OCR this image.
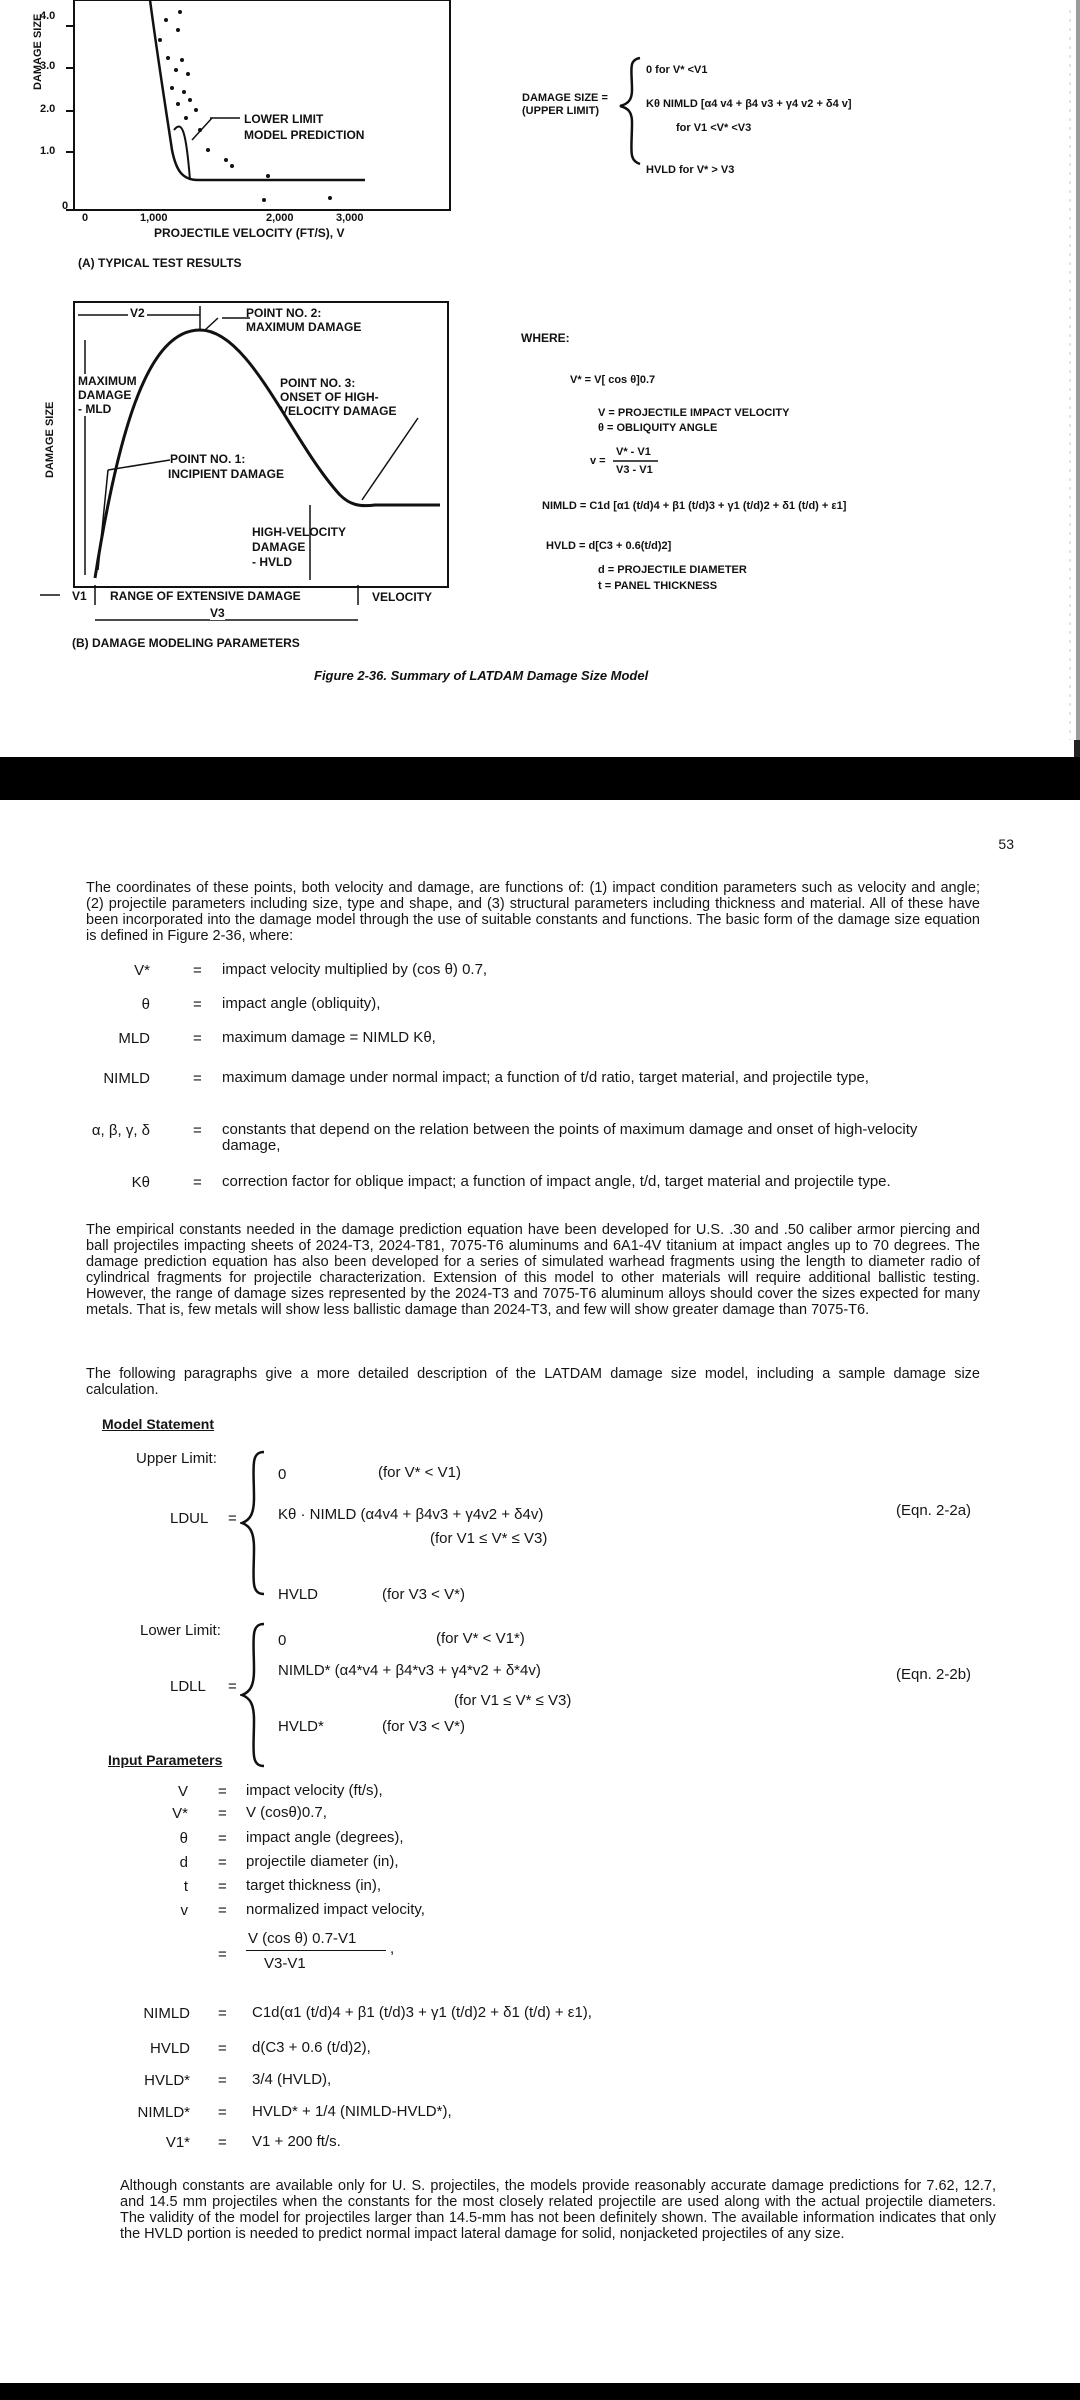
DAMAGE SIZE
4.0
3.0
2.0
1.0
0
0	1,000	2,000	3,000
PROJECTILE VELOCITY (FT/S), V
LOWER LIMIT
MODEL PREDICTION
(A) TYPICAL TEST RESULTS
DAMAGE SIZE
V2	POINT NO. 2:
MAXIMUM DAMAGE
MAXIMUM
DAMAGE
- MLD
POINT NO. 3:
ONSET OF HIGH-
VELOCITY DAMAGE
POINT NO. 1:
INCIPIENT DAMAGE
HIGH-VELOCITY
DAMAGE
- HVLD
V1 RANGE OF EXTENSIVE DAMAGE	VELOCITY
V3
(B) DAMAGE MODELING PARAMETERS
DAMAGE SIZE =
(UPPER LIMIT)
0 for V* <V1
Kθ NIMLD [α4 v4 + β4 v3 + γ4 v2 + δ4 v]
for V1 <V* <V3
HVLD for V* > V3
WHERE:
V* = V[ cos θ]0.7
V = PROJECTILE IMPACT VELOCITY
θ = OBLIQUITY ANGLE
v =
V* - V1
V3 - V1
NIMLD = C1d [α1 (t/d)4 + β1 (t/d)3 + γ1 (t/d)2 + δ1 (t/d) + ε1]
HVLD = d[C3 + 0.6(t/d)2]
d = PROJECTILE DIAMETER
t = PANEL THICKNESS
Figure 2-36. Summary of LATDAM Damage Size Model
53
The coordinates of these points, both velocity and damage, are functions of: (1) impact condition parameters such as velocity and angle; (2) projectile parameters including size, type and shape, and (3) structural parameters including thickness and material. All of these have been incorporated into the damage model through the use of suitable constants and functions. The basic form of the damage size equation is defined in Figure 2-36, where:
V*	= impact velocity multiplied by (cos θ) 0.7,
θ	= impact angle (obliquity),
MLD	= maximum damage = NIMLD Kθ,
NIMLD	= maximum damage under normal impact; a function of t/d ratio, target material, and projectile type,
α, β, γ, δ	= constants that depend on the relation between the points of maximum damage and onset of high-velocity damage,
Kθ	= correction factor for oblique impact; a function of impact angle, t/d, target material and projectile type.
The empirical constants needed in the damage prediction equation have been developed for U.S. .30 and .50 caliber armor piercing and ball projectiles impacting sheets of 2024-T3, 2024-T81, 7075-T6 aluminums and 6A1-4V titanium at impact angles up to 70 degrees. The damage prediction equation has also been developed for a series of simulated warhead fragments using the length to diameter radio of cylindrical fragments for projectile characterization. Extension of this model to other materials will require additional ballistic testing. However, the range of damage sizes represented by the 2024-T3 and 7075-T6 aluminum alloys should cover the sizes expected for many metals. That is, few metals will show less ballistic damage than 2024-T3, and few will show greater damage than 7075-T6.
The following paragraphs give a more detailed description of the LATDAM damage size model, including a sample damage size calculation.
Model Statement
Upper Limit:
LDUL =
0	(for V* < V1)
Kθ · NIMLD (α4v4 + β4v3 + γ4v2 + δ4v)
(for V1 ≤ V* ≤ V3)
HVLD	(for V3 < V*)
(Eqn. 2-2a)
Lower Limit:
LDLL =
0	(for V* < V1*)
NIMLD* (α4*v4 + β4*v3 + γ4*v2 + δ*4v)
(for V1 ≤ V* ≤ V3)
HVLD*	(for V3 < V*)
(Eqn. 2-2b)
Input Parameters
V = impact velocity (ft/s),
V* = V (cosθ)0.7,
θ = impact angle (degrees),
d = projectile diameter (in),
t = target thickness (in),
v = normalized impact velocity,
=
V (cos θ) 0.7-V1
V3-V1
,
NIMLD = C1d(α1 (t/d)4 + β1 (t/d)3 + γ1 (t/d)2 + δ1 (t/d) + ε1),
HVLD = d(C3 + 0.6 (t/d)2),
HVLD* = 3/4 (HVLD),
NIMLD* = HVLD* + 1/4 (NIMLD-HVLD*),
V1* = V1 + 200 ft/s.
Although constants are available only for U. S. projectiles, the models provide reasonably accurate damage predictions for 7.62, 12.7, and 14.5 mm projectiles when the constants for the most closely related projectile are used along with the actual projectile diameters. The validity of the model for projectiles larger than 14.5-mm has not been definitely shown. The available information indicates that only the HVLD portion is needed to predict normal impact lateral damage for solid, nonjacketed projectiles of any size.
